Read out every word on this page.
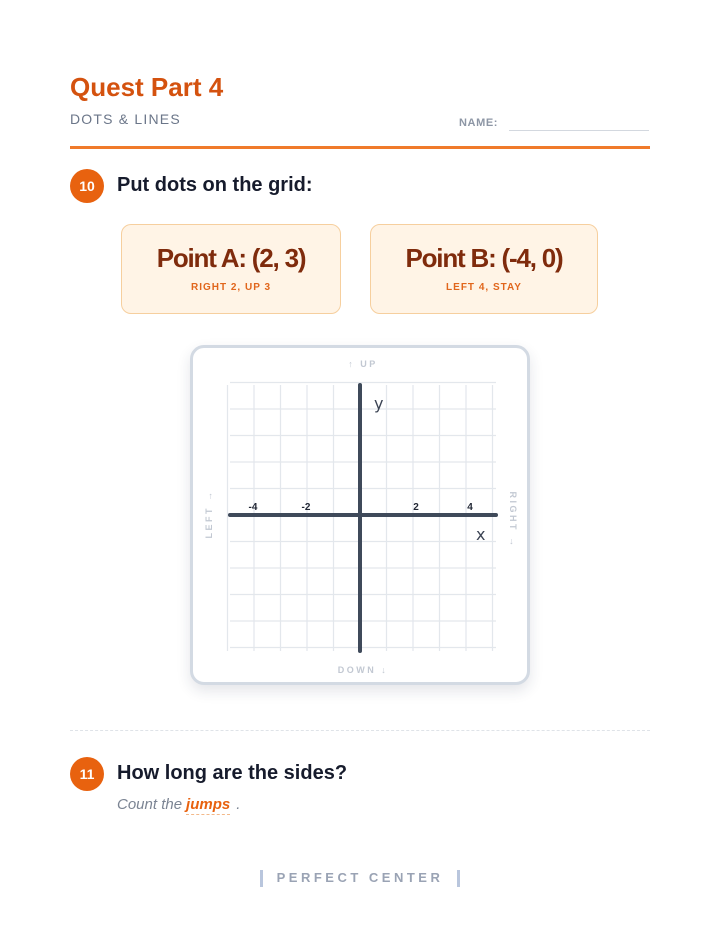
Quest Part 4
DOTS & LINES	NAME:
10	Put dots on the grid:
Point A: (2, 3)
RIGHT 2, UP 3
Point B: (-4, 0)
LEFT 4, STAY
-4	-2	2	4
y
x
↑ UP
DOWN ↓
LEFT →	RIGHT →
11	How long are the sides?
Count the jumps .
PERFECT CENTER
